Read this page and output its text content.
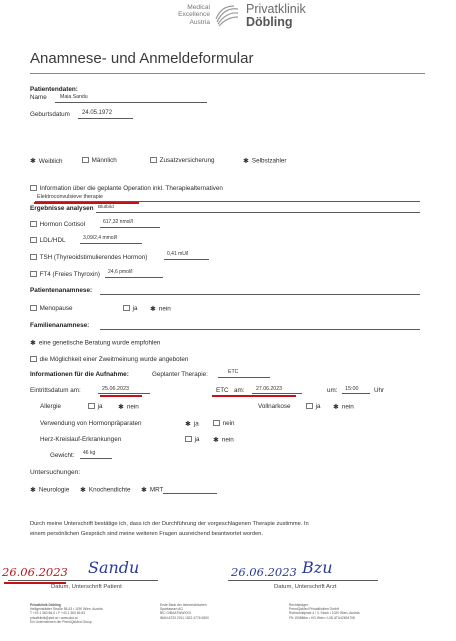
Medical
Excellence
Austria
Privatklinik
Döbling
Anamnese- und Anmeldeformular
Patientendaten:
Name	Maia Sandu
Geburtsdatum 24.05.1972
✱ Weiblich	Männlich	Zusatzversicherung	✱ Selbstzahler
Information über die geplante Operation inkl. Therapiealternativen
Elektroconvulsieve therapie
Ergebnisse analysen Blutbild
Hormon Cortisol	617,32 nmol/l
LDL/HDL	3,09/2,4 mmol/l
TSH (Thyreoidstimulierendes Hormon)	0,41 mU/l
FT4 (Freies Thyroxin) 24,6 pmol/l
Patientenanamnese:
Menopause	ja ✱ nein
Familienanamnese:
✱ eine genetische Beratung wurde empfohlen
die Möglichkeit einer Zweitmeinung wurde angeboten
Informationen für die Aufnahme:	Geplanter Therapie:	ETC
Eintrittsdatum am:	25.06.2023	ETC am: 27.06.2023	um: 15:00 Uhr
Allergie	ja ✱ nein	Vollnarkose	ja ✱ nein
Verwendung von Hormonpräparaten	✱ ja	nein
Herz-Kreislauf-Erkrankungen	ja ✱ nein
Gewicht: 46 kg
Untersuchungen:
✱ Neurologie ✱ Knochendichte ✱ MRT
Durch meine Unterschrift bestätige ich, dass ich der Durchführung der vorgeschlagenen Therapie zustimme. In
einem persönlichen Gespräch sind meine weiteren Fragen ausreichend beantwortet worden.
26.06.2023 Sandu
Datum, Unterschrift Patient
26.06.2023 Bzu
Datum, Unterschrift Arzt
Privatklinik Döbling
Heiligenstädter Straße 55-63 • 1190 Wien, Austria
T +43 1 360 66-0 • F +43 1 360 66 63
privatklinik@pkd.at • www.pkd.at
Ein Unternehmen der PremiQaMed Group
Erste Bank der österreichischen
Sparkassen AG
BIC GIBAATWWXXX
IBAN AT20 2011 1822 4776 6500
Rechtsträger:
PremiQaMed Privatkliniken GmbH
Rothschildplatz 4 / 3. Stock • 1020 Wien, Austria
FN 150886m • HG Wien • UID ATU42694708
